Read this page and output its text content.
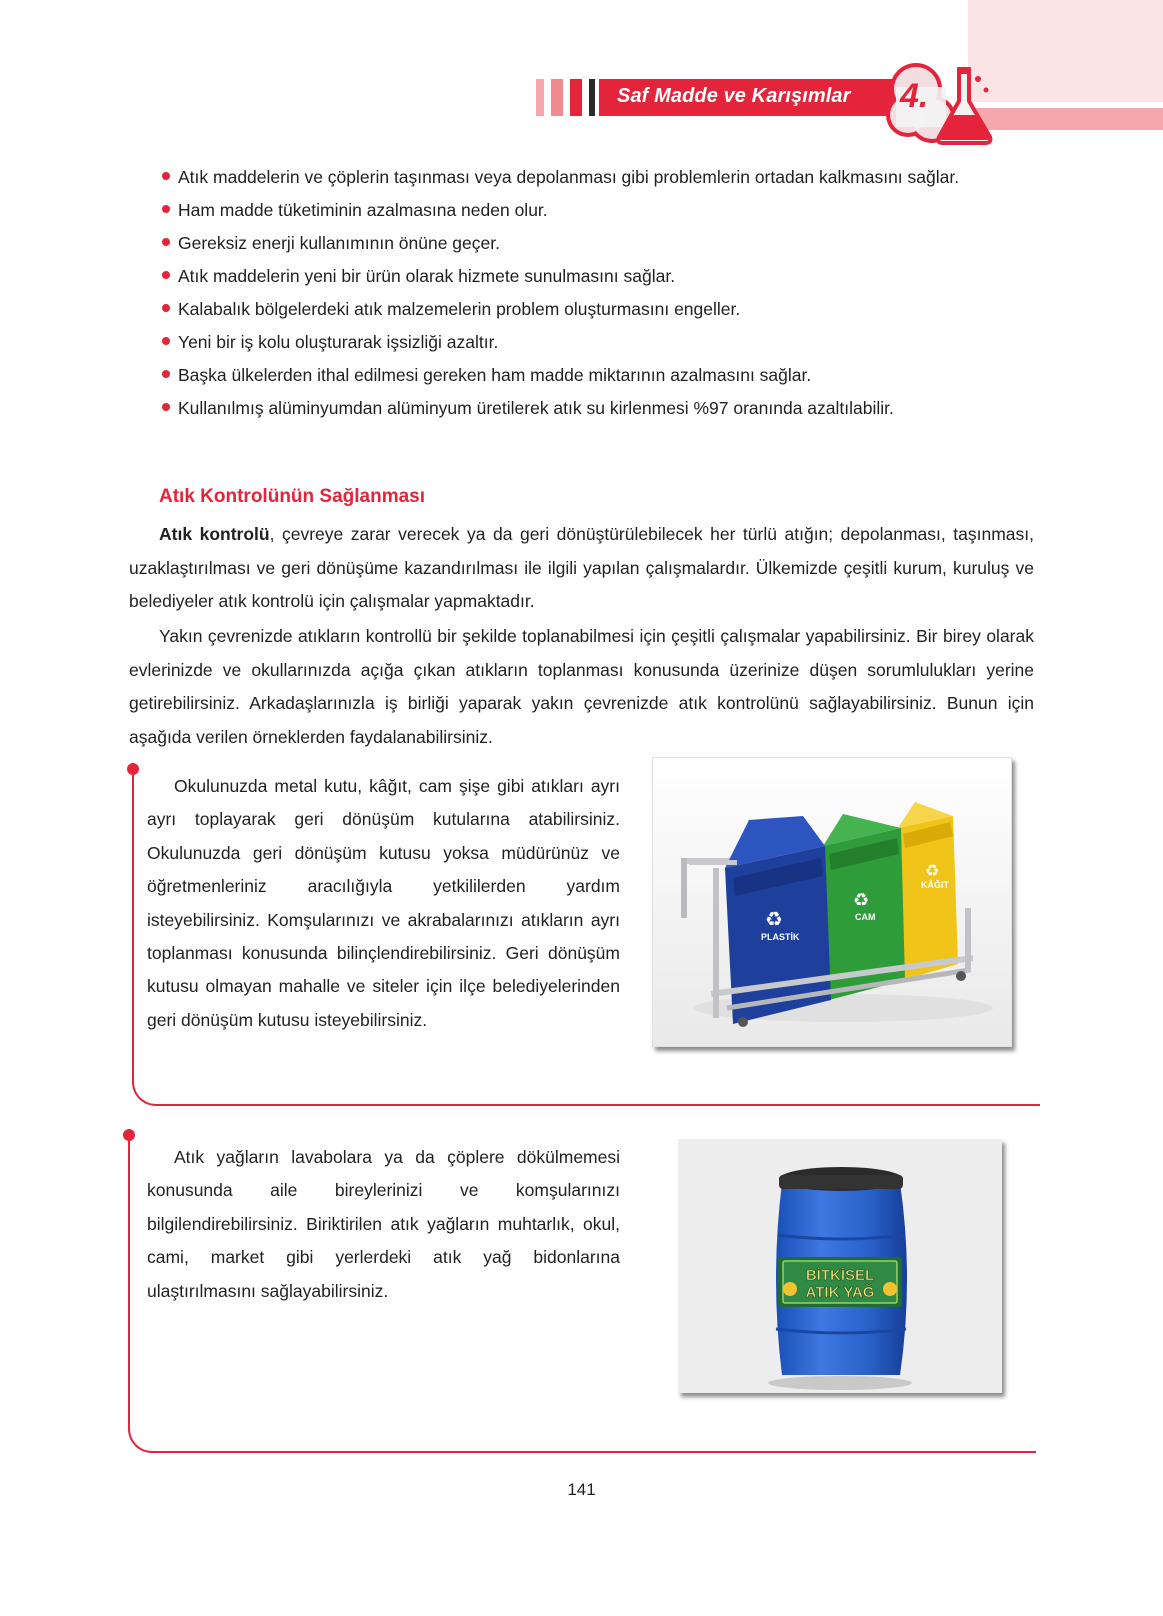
Saf Madde ve Karışımlar 4.
Atık maddelerin ve çöplerin taşınması veya depolanması gibi problemlerin ortadan kalkmasını sağlar.
Ham madde tüketiminin azalmasına neden olur.
Gereksiz enerji kullanımının önüne geçer.
Atık maddelerin yeni bir ürün olarak hizmete sunulmasını sağlar.
Kalabalık bölgelerdeki atık malzemelerin problem oluşturmasını engeller.
Yeni bir iş kolu oluşturarak işsizliği azaltır.
Başka ülkelerden ithal edilmesi gereken ham madde miktarının azalmasını sağlar.
Kullanılmış alüminyumdan alüminyum üretilerek atık su kirlenmesi %97 oranında azaltılabilir.
Atık Kontrolünün Sağlanması

Atık kontrolü, çevreye zarar verecek ya da geri dönüştürülebilecek her türlü atığın; depolanması, taşınması, uzaklaştırılması ve geri dönüşüme kazandırılması ile ilgili yapılan çalışmalardır. Ülkemizde çeşitli kurum, kuruluş ve belediyeler atık kontrolü için çalışmalar yapmaktadır.

Yakın çevrenizde atıkların kontrollü bir şekilde toplanabilmesi için çeşitli çalışmalar yapabilirsiniz. Bir birey olarak evlerinizde ve okullarınızda açığa çıkan atıkların toplanması konusunda üzerinize düşen sorumlulukları yerine getirebilirsiniz. Arkadaşlarınızla iş birliği yaparak yakın çevrenizde atık kontrolünü sağlayabilirsiniz. Bunun için aşağıda verilen örneklerden faydalanabilirsiniz.

Okulunuzda metal kutu, kâğıt, cam şişe gibi atıkları ayrı ayrı toplayarak geri dönüşüm kutularına atabilirsiniz. Okulunuzda geri dönüşüm kutusu yoksa müdürünüz ve öğretmenleriniz aracılığıyla yetkililerden yardım isteyebilirsiniz. Komşularınızı ve akrabalarınızı atıkların ayrı toplanması konusunda bilinçlendirebilirsiniz. Geri dönüşüm kutusu olmayan mahalle ve siteler için ilçe belediyelerinden geri dönüşüm kutusu isteyebilirsiniz.

KÂĞIT
♻
♻
CAM
♻
PLASTİK

Atık yağların lavabolara ya da çöplere dökülmemesi konusunda aile bireylerinizi ve komşularınızı bilgilendirebilirsiniz. Biriktirilen atık yağların muhtarlık, okul, cami, market gibi yerlerdeki atık yağ bidonlarına ulaştırılmasını sağlayabilirsiniz.

BİTKİSEL
ATIK YAĞ
141
